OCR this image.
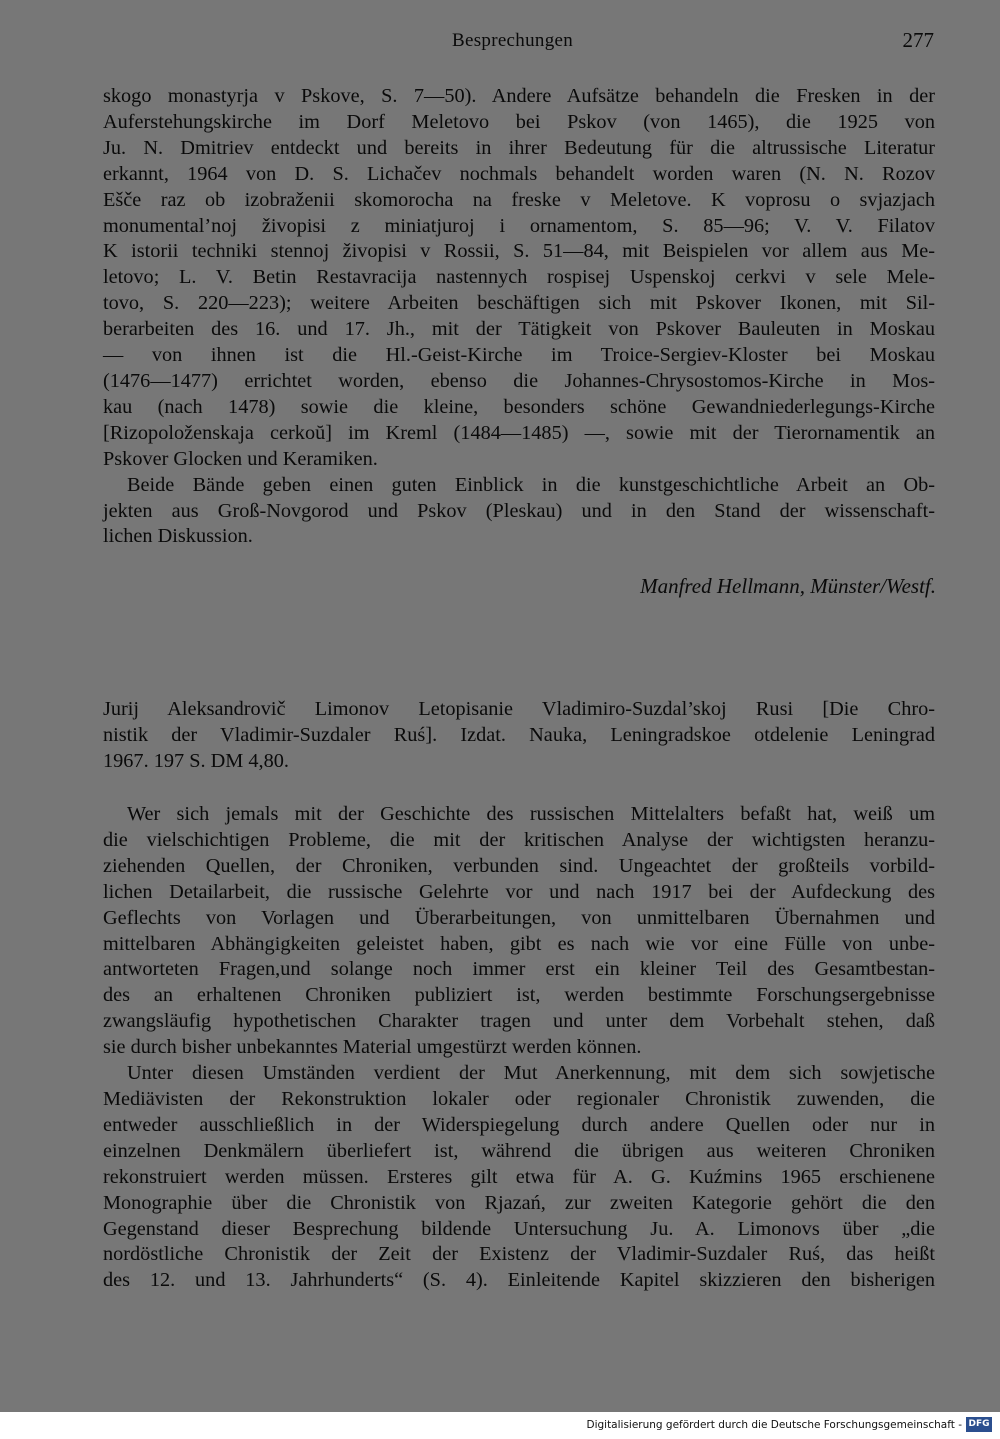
Besprechungen	277
skogo monastyrja v Pskove, S. 7—50). Andere Aufsätze behandeln die Fresken in der
Auferstehungskirche im Dorf Meletovo bei Pskov (von 1465), die 1925 von
Ju. N. Dmitriev entdeckt und bereits in ihrer Bedeutung für die altrussische Literatur
erkannt, 1964 von D. S. Lichačev nochmals behandelt worden waren (N. N. Rozov
Ešče raz ob izobraženii skomorocha na freske v Meletove. K voprosu o svjazjach
monumental’noj živopisi z miniatjuroj i ornamentom, S. 85—96; V. V. Filatov
K istorii techniki stennoj živopisi v Rossii, S. 51—84, mit Beispielen vor allem aus Me-
letovo; L. V. Betin Restavracija nastennych rospisej Uspenskoj cerkvi v sele Mele-
tovo, S. 220—223); weitere Arbeiten beschäftigen sich mit Pskover Ikonen, mit Sil-
berarbeiten des 16. und 17. Jh., mit der Tätigkeit von Pskover Bauleuten in Moskau
— von ihnen ist die Hl.-Geist-Kirche im Troice-Sergiev-Kloster bei Moskau
(1476—1477) errichtet worden, ebenso die Johannes-Chrysostomos-Kirche in Mos-
kau (nach 1478) sowie die kleine, besonders schöne Gewandniederlegungs-Kirche
[Rizopoloženskaja cerkoŭ] im Kreml (1484—1485) —, sowie mit der Tierornamentik an
Pskover Glocken und Keramiken.
Beide Bände geben einen guten Einblick in die kunstgeschichtliche Arbeit an Ob-
jekten aus Groß-Novgorod und Pskov (Pleskau) und in den Stand der wissenschaft-
lichen Diskussion.
Manfred Hellmann, Münster/Westf.
Jurij Aleksandrovič Limonov Letopisanie Vladimiro-Suzdal’skoj Rusi [Die Chro-
nistik der Vladimir-Suzdaler Ruś]. Izdat. Nauka, Leningradskoe otdelenie Leningrad
1967. 197 S. DM 4,80.
Wer sich jemals mit der Geschichte des russischen Mittelalters befaßt hat, weiß um
die vielschichtigen Probleme, die mit der kritischen Analyse der wichtigsten heranzu-
ziehenden Quellen, der Chroniken, verbunden sind. Ungeachtet der großteils vorbild-
lichen Detailarbeit, die russische Gelehrte vor und nach 1917 bei der Aufdeckung des
Geflechts von Vorlagen und Überarbeitungen, von unmittelbaren Übernahmen und
mittelbaren Abhängigkeiten geleistet haben, gibt es nach wie vor eine Fülle von unbe-
antworteten Fragen,und solange noch immer erst ein kleiner Teil des Gesamtbestan-
des an erhaltenen Chroniken publiziert ist, werden bestimmte Forschungsergebnisse
zwangsläufig hypothetischen Charakter tragen und unter dem Vorbehalt stehen, daß
sie durch bisher unbekanntes Material umgestürzt werden können.
Unter diesen Umständen verdient der Mut Anerkennung, mit dem sich sowjetische
Mediävisten der Rekonstruktion lokaler oder regionaler Chronistik zuwenden, die
entweder ausschließlich in der Widerspiegelung durch andere Quellen oder nur in
einzelnen Denkmälern überliefert ist, während die übrigen aus weiteren Chroniken
rekonstruiert werden müssen. Ersteres gilt etwa für A. G. Kuźmins 1965 erschienene
Monographie über die Chronistik von Rjazań, zur zweiten Kategorie gehört die den
Gegenstand dieser Besprechung bildende Untersuchung Ju. A. Limonovs über „die
nordöstliche Chronistik der Zeit der Existenz der Vladimir-Suzdaler Ruś, das heißt
des 12. und 13. Jahrhunderts“ (S. 4). Einleitende Kapitel skizzieren den bisherigen
Digitalisierung gefördert durch die Deutsche Forschungsgemeinschaft - DFG
